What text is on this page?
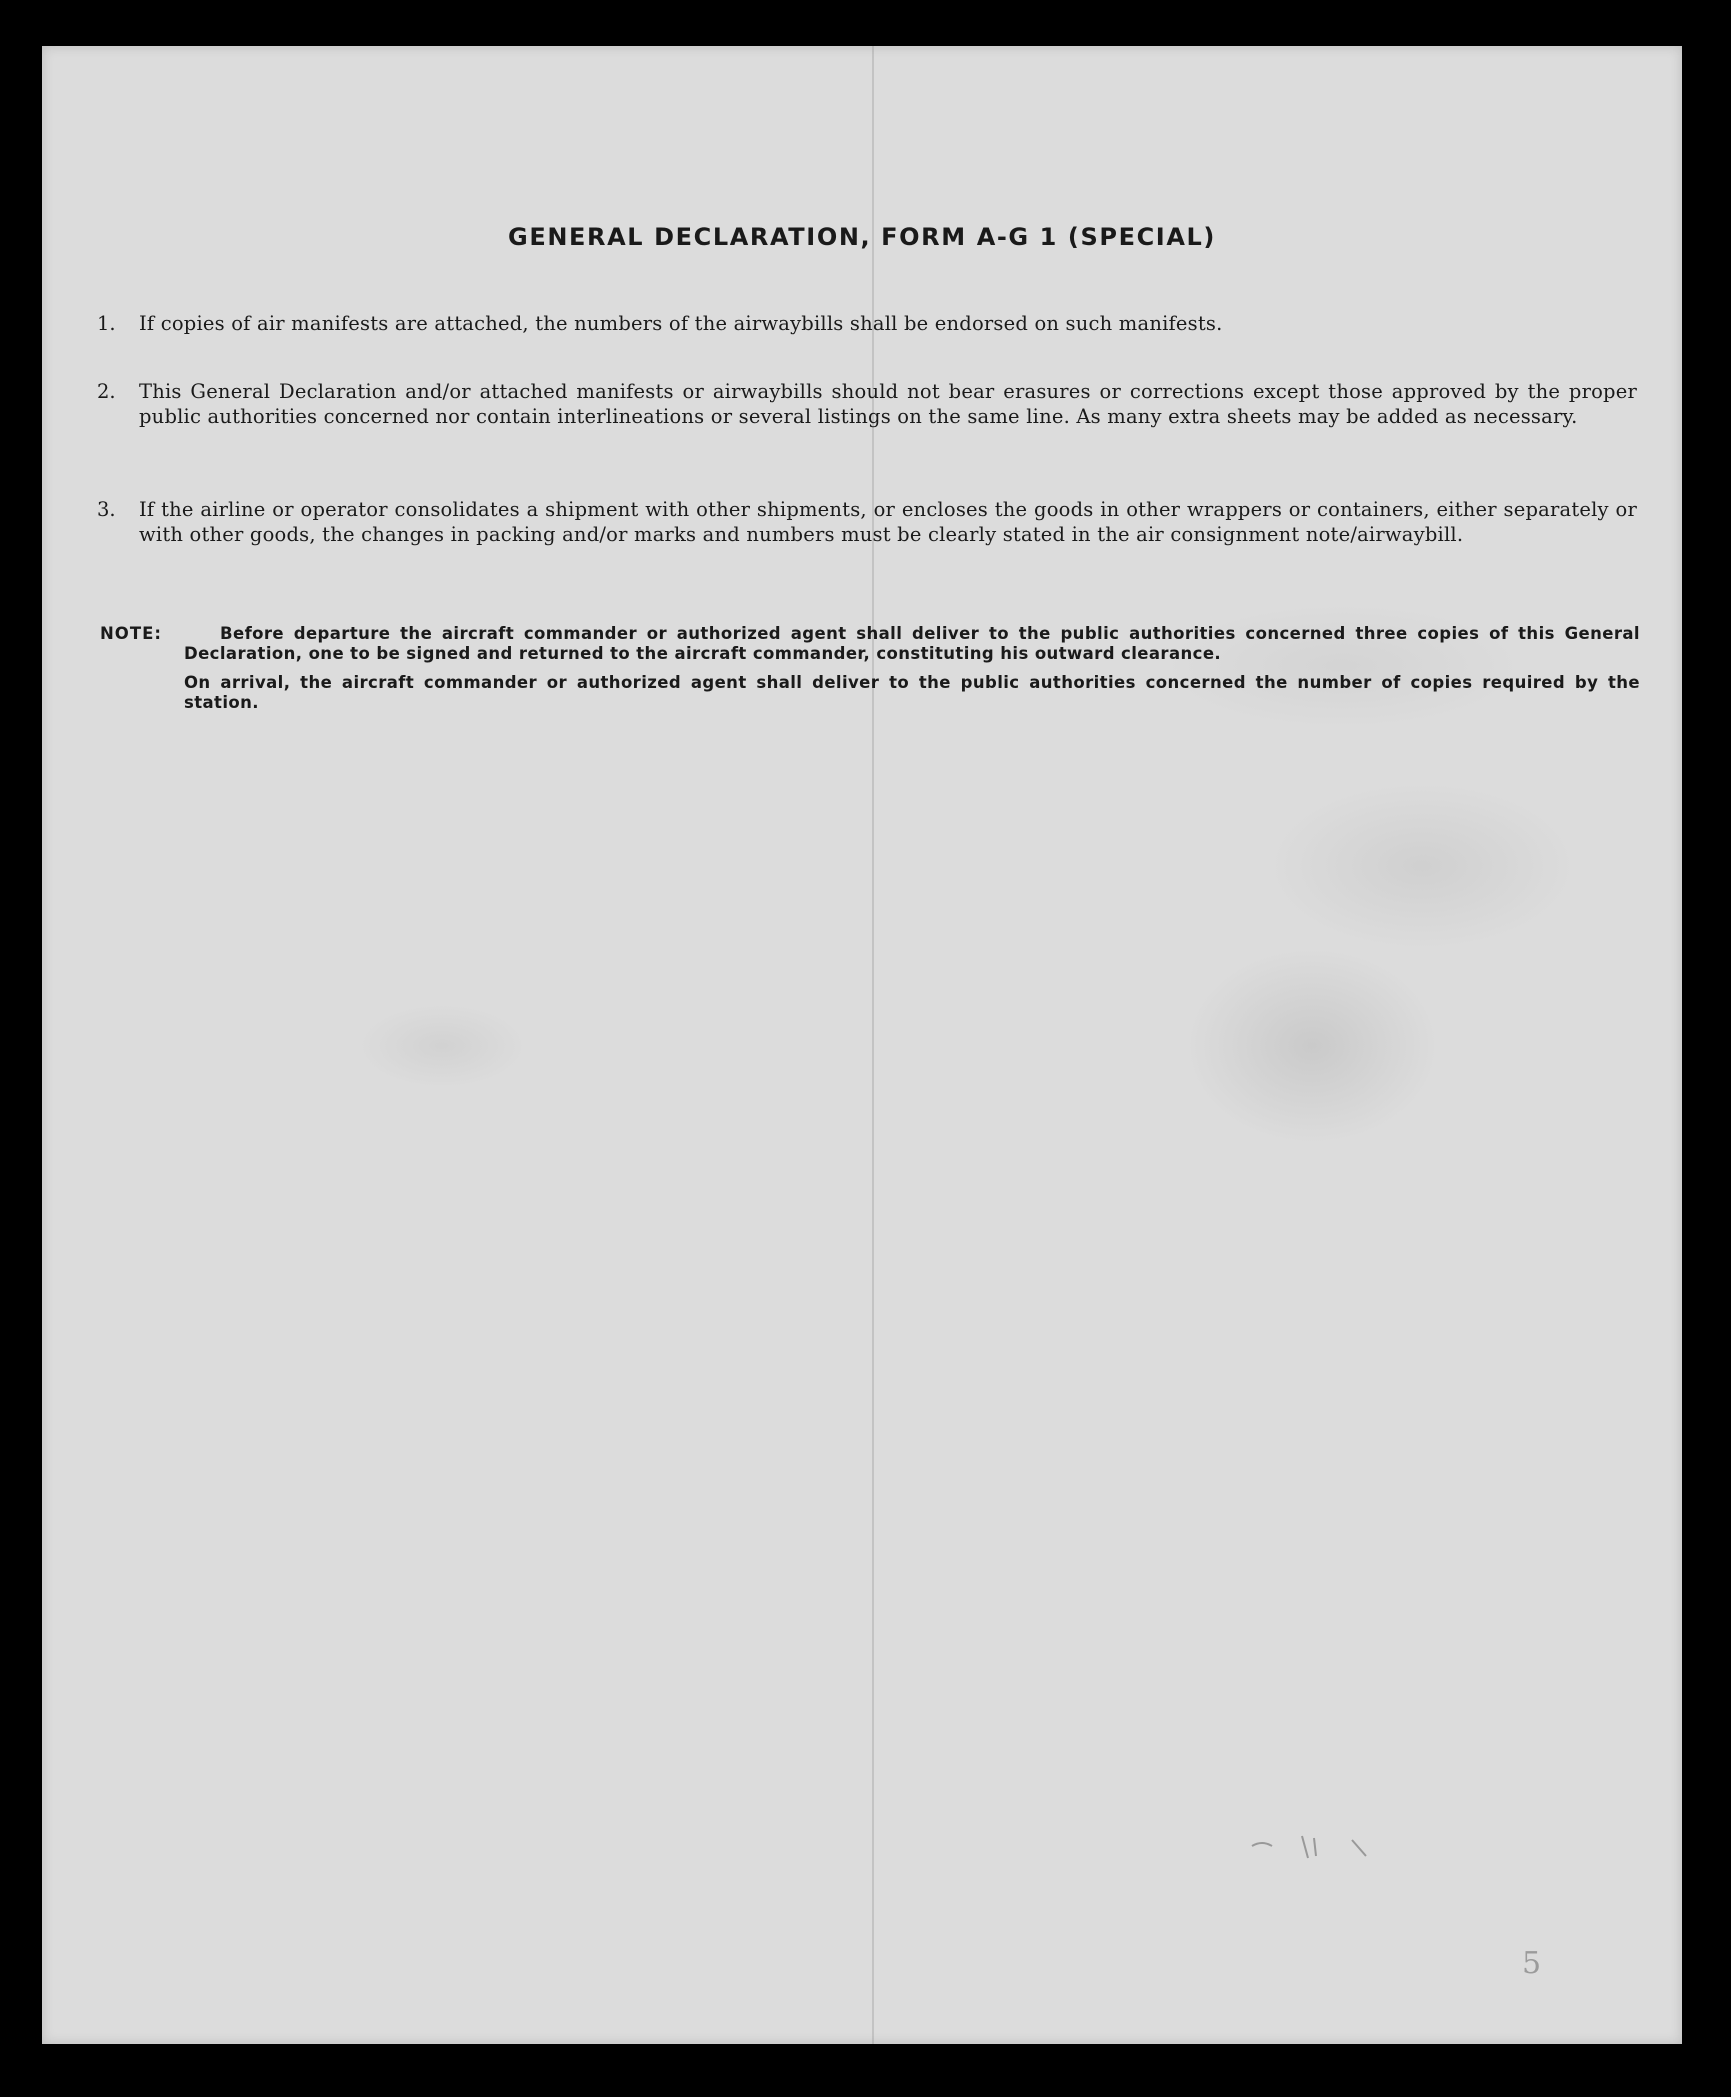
GENERAL DECLARATION, FORM A-G 1 (SPECIAL)
1.	If copies of air manifests are attached, the numbers of the airwaybills shall be endorsed on such manifests.
2.	This General Declaration and/or attached manifests or airwaybills should not bear erasures or corrections except those approved by the proper public authorities concerned nor contain interlineations or several listings on the same line. As many extra sheets may be added as necessary.
3.	If the airline or operator consolidates a shipment with other shipments, or encloses the goods in other wrappers or containers, either separately or with other goods, the changes in packing and/or marks and numbers must be clearly stated in the air consignment note/airwaybill.
NOTE:	Before departure the aircraft commander or authorized agent shall deliver to the public authorities concerned three copies of this General Declaration, one to be signed and returned to the aircraft commander, constituting his outward clearance.
On arrival, the aircraft commander or authorized agent shall deliver to the public authorities concerned the number of copies required by the station.
5
